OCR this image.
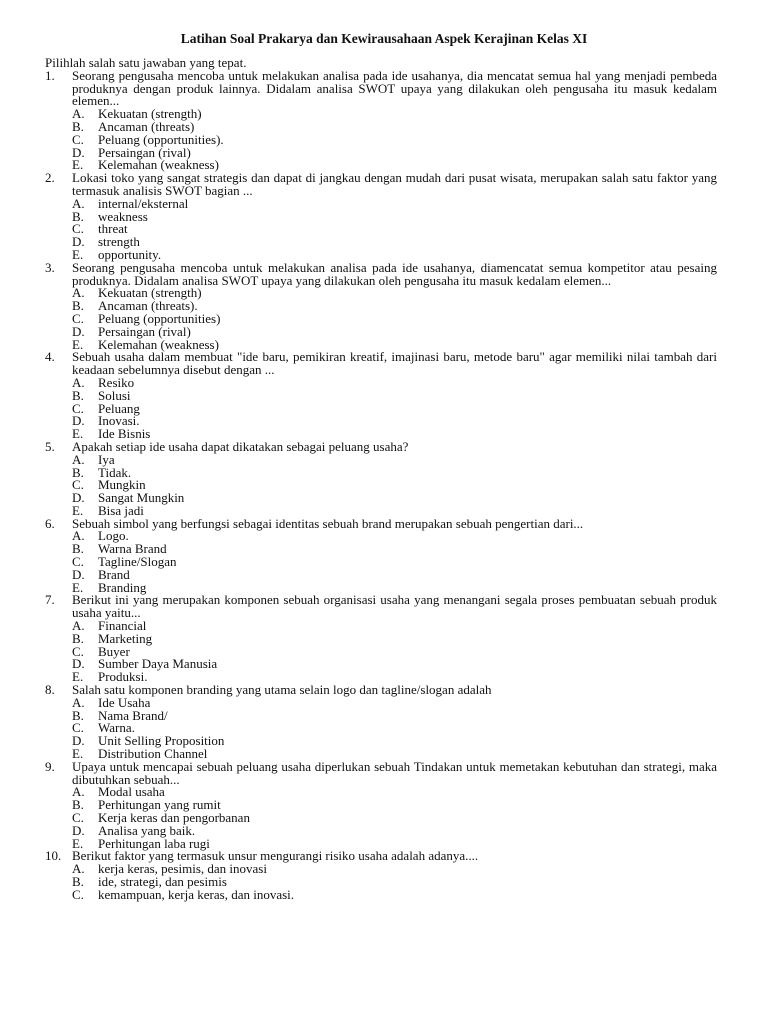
Latihan Soal Prakarya dan Kewirausahaan Aspek Kerajinan Kelas XI

Pilihlah salah satu jawaban yang tepat.

1.	Seorang pengusaha mencoba untuk melakukan analisa pada ide usahanya, dia mencatat semua hal yang menjadi pembeda produknya dengan produk lainnya. Didalam analisa SWOT upaya yang dilakukan oleh pengusaha itu masuk kedalam elemen...
A.	Kekuatan (strength)
B.	Ancaman (threats)
C.	Peluang (opportunities).
D.	Persaingan (rival)
E.	Kelemahan (weakness)
2.	Lokasi toko yang sangat strategis dan dapat di jangkau dengan mudah dari pusat wisata, merupakan salah satu faktor yang termasuk analisis SWOT bagian ...
A.	internal/eksternal
B.	weakness
C.	threat
D.	strength
E.	opportunity.
3.	Seorang pengusaha mencoba untuk melakukan analisa pada ide usahanya, diamencatat semua kompetitor atau pesaing produknya. Didalam analisa SWOT upaya yang dilakukan oleh pengusaha itu masuk kedalam elemen...
A.	Kekuatan (strength)
B.	Ancaman (threats).
C.	Peluang (opportunities)
D.	Persaingan (rival)
E.	Kelemahan (weakness)
4.	Sebuah usaha dalam membuat "ide baru, pemikiran kreatif, imajinasi baru, metode baru" agar memiliki nilai tambah dari keadaan sebelumnya disebut dengan ...
A.	Resiko
B.	Solusi
C.	Peluang
D.	Inovasi.
E.	Ide Bisnis
5.	Apakah setiap ide usaha dapat dikatakan sebagai peluang usaha?
A.	Iya
B.	Tidak.
C.	Mungkin
D.	Sangat Mungkin
E.	Bisa jadi
6.	Sebuah simbol yang berfungsi sebagai identitas sebuah brand merupakan sebuah pengertian dari...
A.	Logo.
B.	Warna Brand
C.	Tagline/Slogan
D.	Brand
E.	Branding
7.	Berikut ini yang merupakan komponen sebuah organisasi usaha yang menangani segala proses pembuatan sebuah produk usaha yaitu...
A.	Financial
B.	Marketing
C.	Buyer
D.	Sumber Daya Manusia
E.	Produksi.
8.	Salah satu komponen branding yang utama selain logo dan tagline/slogan adalah
A.	Ide Usaha
B.	Nama Brand/
C.	Warna.
D.	Unit Selling Proposition
E.	Distribution Channel
9.	Upaya untuk mencapai sebuah peluang usaha diperlukan sebuah Tindakan untuk memetakan kebutuhan dan strategi, maka dibutuhkan sebuah...
A.	Modal usaha
B.	Perhitungan yang rumit
C.	Kerja keras dan pengorbanan
D.	Analisa yang baik.
E.	Perhitungan laba rugi
10. Berikut faktor yang termasuk unsur mengurangi risiko usaha adalah adanya....
A.	kerja keras, pesimis, dan inovasi
B.	ide, strategi, dan pesimis
C.	kemampuan, kerja keras, dan inovasi.
